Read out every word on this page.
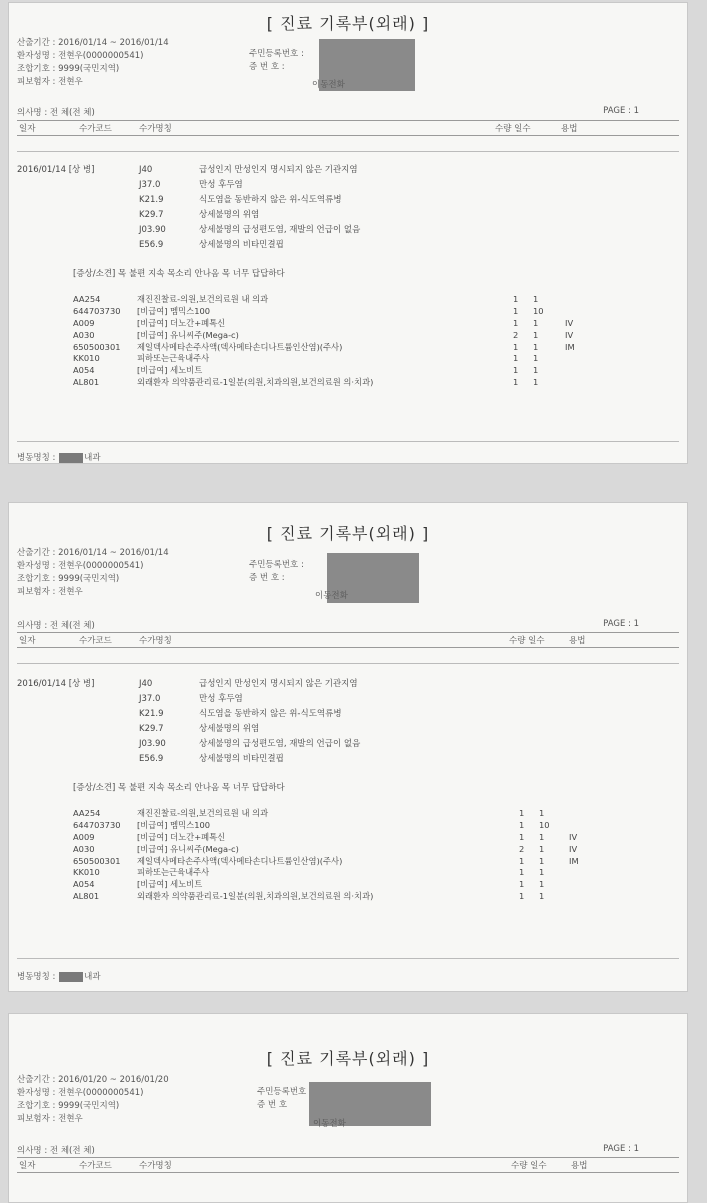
[ 진료 기록부(외래) ]
산출기간 : 2016/01/14 ~ 2016/01/14
환자성명 : 전현우(0000000541)
조합기호 : 9999(국민지역)
피보험자 : 전현우
주민등록번호 :
증 번 호 :
이동전화
의사명 : 전 체(전 체)	PAGE : 1
일자	수가코드	수가명칭	수량 일수	용법
2016/01/14 [상 병]	J40	급성인지 만성인지 명시되지 않은 기관지염
J37.0	만성 후두염
K21.9	식도염을 동반하지 않은 위-식도역류병
K29.7	상세불명의 위염
J03.90	상세불명의 급성편도염, 재발의 언급이 없음
E56.9	상세불명의 비타민결핍
[증상/소견] 목 불편 지속 목소리 안나옴 목 너무 답답하다
AA254	재진진찰료-의원,보건의료원 내 의과	1 1
644703730 [비급여] 멤믹스100	1 10
A009	[비급여] 더노간+폐톡신	1 1	IV
A030	[비급여] 유니씨주(Mega-c)	2 1	IV
650500301 제일덱사메타손주사액(덱사메타손디나트륨인산염)(주사)	1 1	IM
KK010	피하또는근육내주사	1 1
A054	[비급여] 세노비트	1 1
AL801	외래환자 의약품관리료-1일분(의원,치과의원,보건의료원 의·치과)	1 1
병동명칭 :	내과
[ 진료 기록부(외래) ]
산출기간 : 2016/01/14 ~ 2016/01/14
환자성명 : 전현우(0000000541)
조합기호 : 9999(국민지역)
피보험자 : 전현우
주민등록번호 :
증 번 호 :
이동전화
의사명 : 전 체(전 체)	PAGE : 1
일자	수가코드	수가명칭	수량 일수	용법
2016/01/14 [상 병]	J40	급성인지 만성인지 명시되지 않은 기관지염
J37.0	만성 후두염
K21.9	식도염을 동반하지 않은 위-식도역류병
K29.7	상세불명의 위염
J03.90	상세불명의 급성편도염, 재발의 언급이 없음
E56.9	상세불명의 비타민결핍
[증상/소견] 목 불편 지속 목소리 안나옴 목 너무 답답하다
AA254	재진진찰료-의원,보건의료원 내 의과	1 1
644703730 [비급여] 멤믹스100	1 10
A009	[비급여] 더노간+폐톡신	1 1	IV
A030	[비급여] 유니씨주(Mega-c)	2 1	IV
650500301 제일덱사메타손주사액(덱사메타손디나트륨인산염)(주사)	1 1	IM
KK010	피하또는근육내주사	1 1
A054	[비급여] 세노비트	1 1
AL801	외래환자 의약품관리료-1일분(의원,치과의원,보건의료원 의·치과)	1 1
병동명칭 :	내과
[ 진료 기록부(외래) ]
산출기간 : 2016/01/20 ~ 2016/01/20
환자성명 : 전현우(0000000541)
조합기호 : 9999(국민지역)
피보험자 : 전현우
주민등록번호
증 번 호
이동전화
의사명 : 전 체(전 체)	PAGE : 1
일자	수가코드	수가명칭	수량 일수	용법
